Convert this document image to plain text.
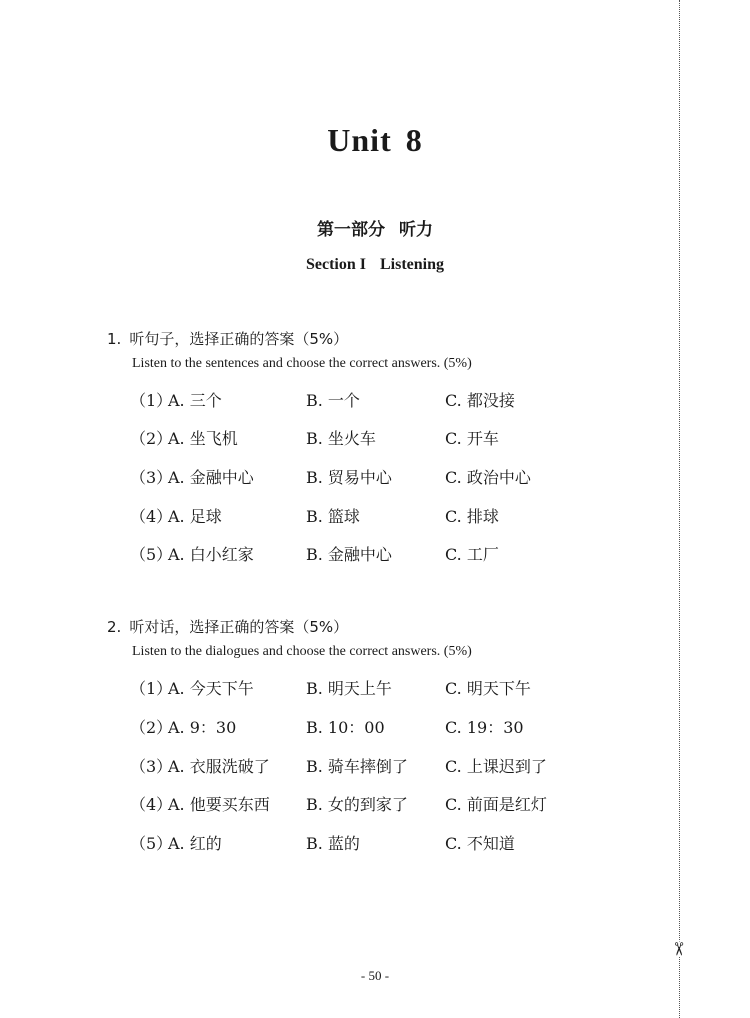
Unit 8
第一部分 听力
Section I Listening
1. 听句子，选择正确的答案（5%）
Listen to the sentences and choose the correct answers. (5%)
（1）
A. 三个	B. 一个	C. 都没接
（2）
A. 坐飞机	B. 坐火车	C. 开车
（3）
A. 金融中心	B. 贸易中心	C. 政治中心
（4）
A. 足球	B. 篮球	C. 排球
（5）
A. 白小红家	B. 金融中心	C. 工厂
2. 听对话，选择正确的答案（5%）
Listen to the dialogues and choose the correct answers. (5%)
（1）
A. 今天下午	B. 明天上午	C. 明天下午
（2）
A. 9：30	B. 10：00	C. 19：30
（3）
A. 衣服洗破了 B. 骑车摔倒了 C. 上课迟到了
（4）
A. 他要买东西 B. 女的到家了 C. 前面是红灯
（5）
A. 红的	B. 蓝的	C. 不知道
✂
- 50 -
